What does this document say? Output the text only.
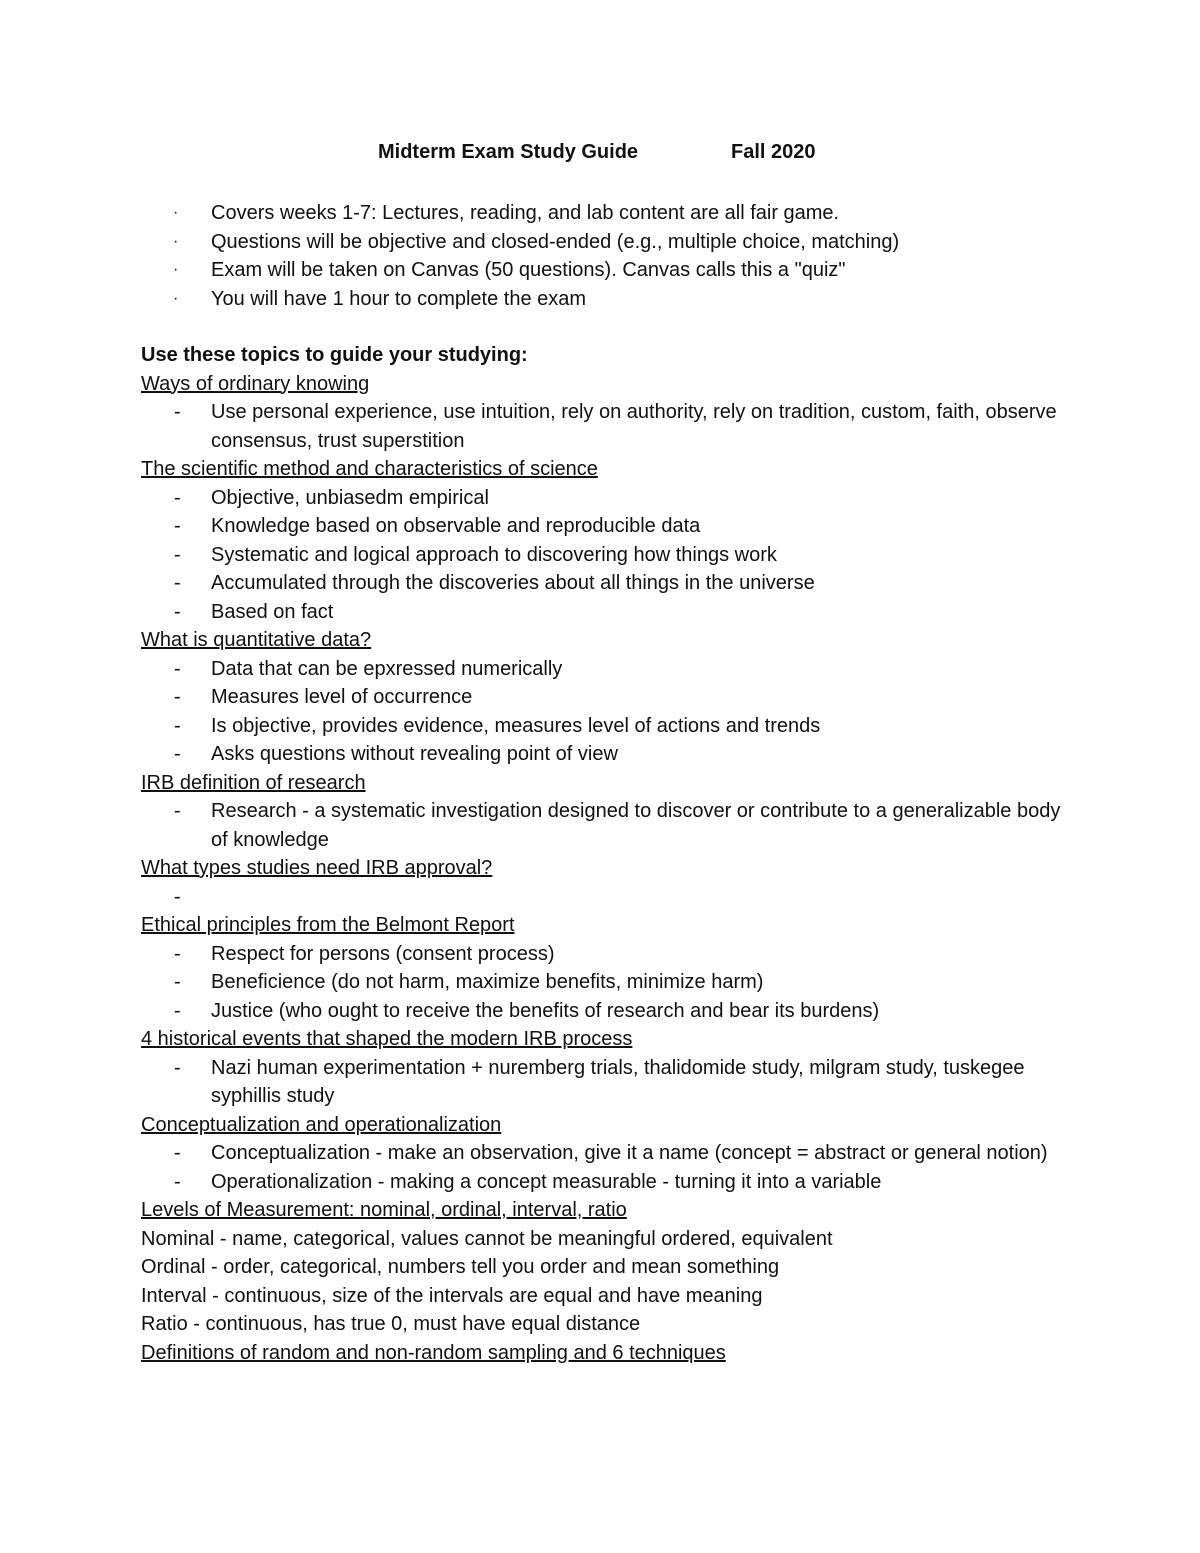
Midterm Exam Study Guide	Fall 2020
· Covers weeks 1-7: Lectures, reading, and lab content are all fair game.
· Questions will be objective and closed-ended (e.g., multiple choice, matching)
· Exam will be taken on Canvas (50 questions). Canvas calls this a "quiz"
· You will have 1 hour to complete the exam
Use these topics to guide your studying:
Ways of ordinary knowing
- Use personal experience, use intuition, rely on authority, rely on tradition, custom, faith, observe consensus, trust superstition
The scientific method and characteristics of science
- Objective, unbiasedm empirical
- Knowledge based on observable and reproducible data
- Systematic and logical approach to discovering how things work
- Accumulated through the discoveries about all things in the universe
- Based on fact
What is quantitative data?
- Data that can be epxressed numerically
- Measures level of occurrence
- Is objective, provides evidence, measures level of actions and trends
- Asks questions without revealing point of view
IRB definition of research
- Research - a systematic investigation designed to discover or contribute to a generalizable body of knowledge
What types studies need IRB approval?
-
Ethical principles from the Belmont Report
- Respect for persons (consent process)
- Beneficience (do not harm, maximize benefits, minimize harm)
- Justice (who ought to receive the benefits of research and bear its burdens)
4 historical events that shaped the modern IRB process
- Nazi human experimentation + nuremberg trials, thalidomide study, milgram study, tuskegee syphillis study
Conceptualization and operationalization
- Conceptualization - make an observation, give it a name (concept = abstract or general notion)
- Operationalization - making a concept measurable - turning it into a variable
Levels of Measurement: nominal, ordinal, interval, ratio
Nominal - name, categorical, values cannot be meaningful ordered, equivalent
Ordinal - order, categorical, numbers tell you order and mean something
Interval - continuous, size of the intervals are equal and have meaning
Ratio - continuous, has true 0, must have equal distance
Definitions of random and non-random sampling and 6 techniques
